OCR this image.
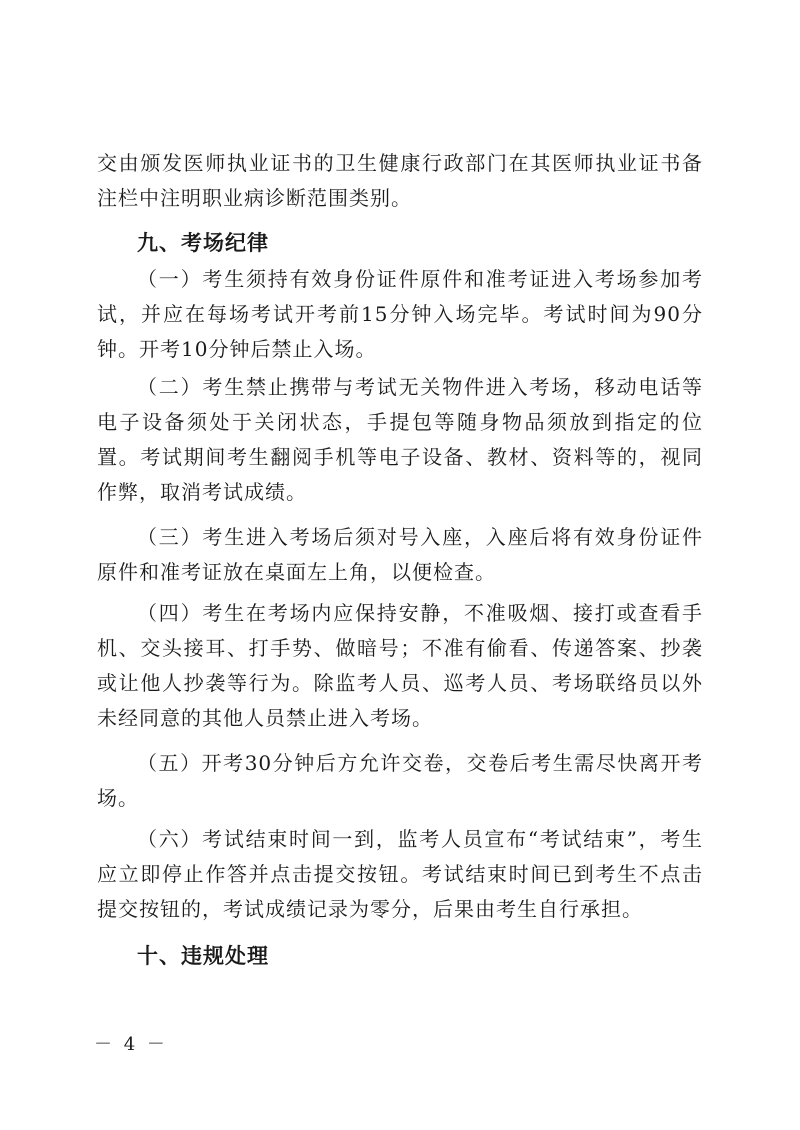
交由颁发医师执业证书的卫生健康行政部门在其医师执业证书备注栏中注明职业病诊断范围类别。

九、考场纪律

（一）考生须持有效身份证件原件和准考证进入考场参加考试，并应在每场考试开考前15分钟入场完毕。考试时间为90分钟。开考10分钟后禁止入场。

（二）考生禁止携带与考试无关物件进入考场，移动电话等电子设备须处于关闭状态，手提包等随身物品须放到指定的位置。考试期间考生翻阅手机等电子设备、教材、资料等的，视同作弊，取消考试成绩。

（三）考生进入考场后须对号入座，入座后将有效身份证件原件和准考证放在桌面左上角，以便检查。

（四）考生在考场内应保持安静，不准吸烟、接打或查看手机、交头接耳、打手势、做暗号；不准有偷看、传递答案、抄袭或让他人抄袭等行为。除监考人员、巡考人员、考场联络员以外未经同意的其他人员禁止进入考场。

（五）开考30分钟后方允许交卷，交卷后考生需尽快离开考场。

（六）考试结束时间一到，监考人员宣布“考试结束”，考生应立即停止作答并点击提交按钮。考试结束时间已到考生不点击提交按钮的，考试成绩记录为零分，后果由考生自行承担。

十、违规处理
－ 4 －
